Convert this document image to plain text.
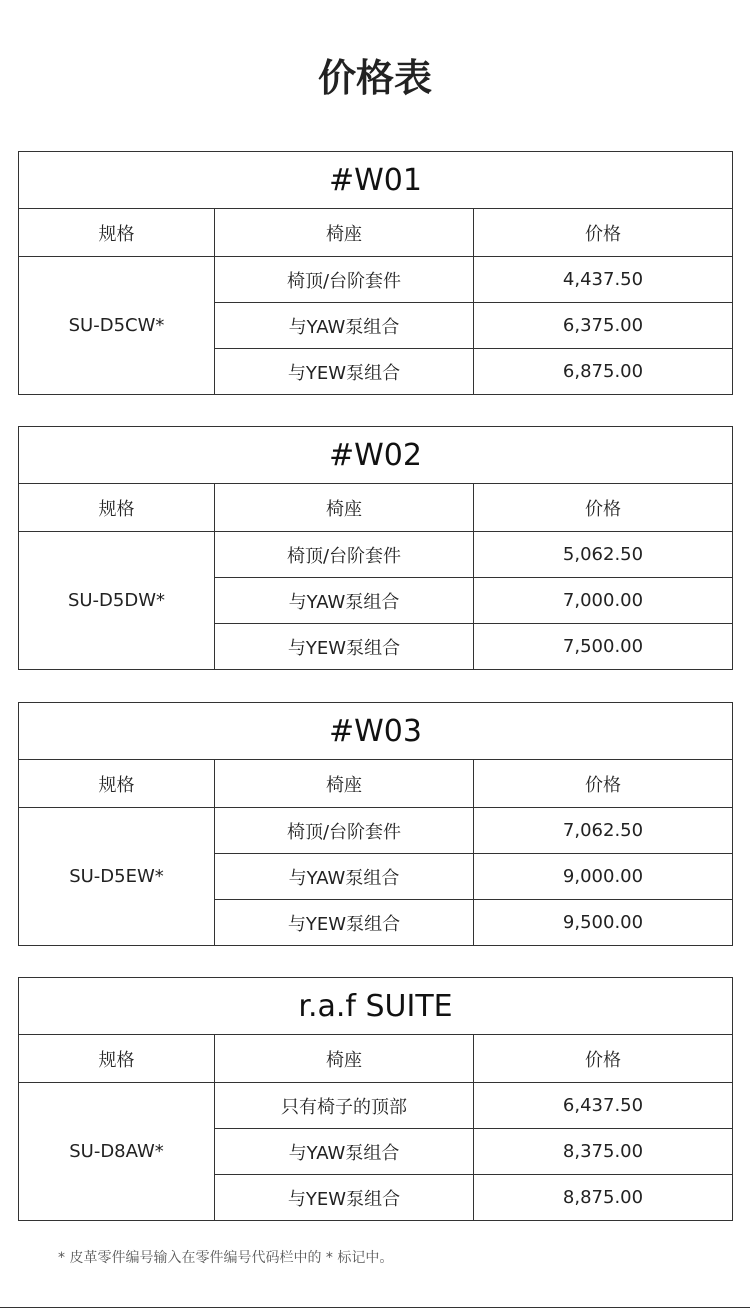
价格表
#W01		
规格	椅座	价格
SU-D5CW*	椅顶/台阶套件	4,437.50
	与YAW泵组合	6,375.00
	与YEW泵组合	6,875.00
#W02		
规格	椅座	价格
SU-D5DW*	椅顶/台阶套件	5,062.50
	与YAW泵组合	7,000.00
	与YEW泵组合	7,500.00
#W03		
规格	椅座	价格
SU-D5EW*	椅顶/台阶套件	7,062.50
	与YAW泵组合	9,000.00
	与YEW泵组合	9,500.00
r.a.f SUITE		
规格	椅座	价格
SU-D8AW*	只有椅子的顶部	6,437.50
	与YAW泵组合	8,375.00
	与YEW泵组合	8,875.00
* 皮革零件编号输入在零件编号代码栏中的 * 标记中。
